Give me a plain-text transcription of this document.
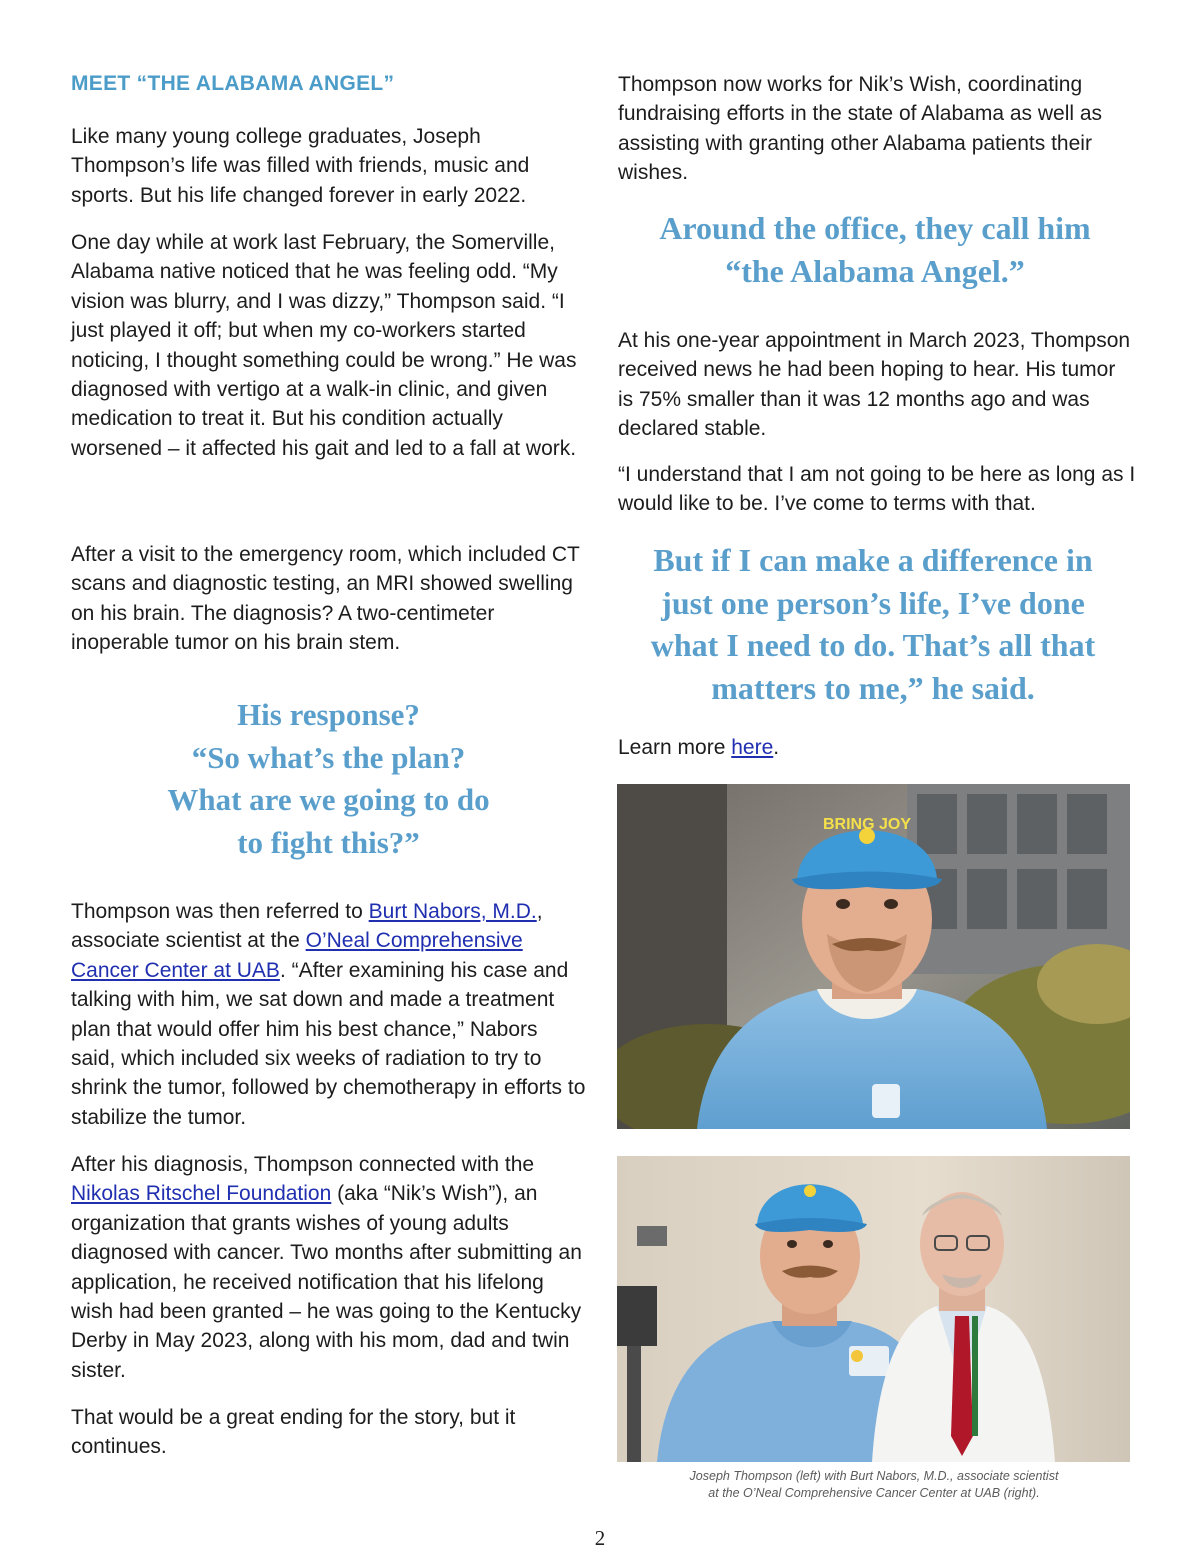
MEET “THE ALABAMA ANGEL”

Like many young college graduates, Joseph Thompson’s life was filled with friends, music and sports. But his life changed forever in early 2022.

One day while at work last February, the Somerville, Alabama native noticed that he was feeling odd. “My vision was blurry, and I was dizzy,” Thompson said. “I just played it off; but when my co-workers started noticing, I thought something could be wrong.” He was diagnosed with vertigo at a walk-in clinic, and given medication to treat it. But his condition actually worsened – it affected his gait and led to a fall at work.

After a visit to the emergency room, which included CT scans and diagnostic testing, an MRI showed swelling on his brain. The diagnosis? A two-centimeter inoperable tumor on his brain stem.

His response?
“So what’s the plan?
What are we going to do
to fight this?”

Thompson was then referred to Burt Nabors, M.D., associate scientist at the O’Neal Comprehensive Cancer Center at UAB. “After examining his case and talking with him, we sat down and made a treatment plan that would offer him his best chance,” Nabors said, which included six weeks of radiation to try to shrink the tumor, followed by chemotherapy in efforts to stabilize the tumor.

After his diagnosis, Thompson connected with the Nikolas Ritschel Foundation (aka “Nik’s Wish”), an organization that grants wishes of young adults diagnosed with cancer. Two months after submitting an application, he received notification that his lifelong wish had been granted – he was going to the Kentucky Derby in May 2023, along with his mom, dad and twin sister.

That would be a great ending for the story, but it continues.

Thompson now works for Nik’s Wish, coordinating fundraising efforts in the state of Alabama as well as assisting with granting other Alabama patients their wishes.

Around the office, they call him
“the Alabama Angel.”

At his one-year appointment in March 2023, Thompson received news he had been hoping to hear. His tumor is 75% smaller than it was 12 months ago and was declared stable.

“I understand that I am not going to be here as long as I would like to be. I’ve come to terms with that.

But if I can make a difference in
just one person’s life, I’ve done
what I need to do. That’s all that
matters to me,” he said.

Learn more here.

BRING JOY
Joseph Thompson (left) with Burt Nabors, M.D., associate scientist
at the O’Neal Comprehensive Cancer Center at UAB (right).
2
